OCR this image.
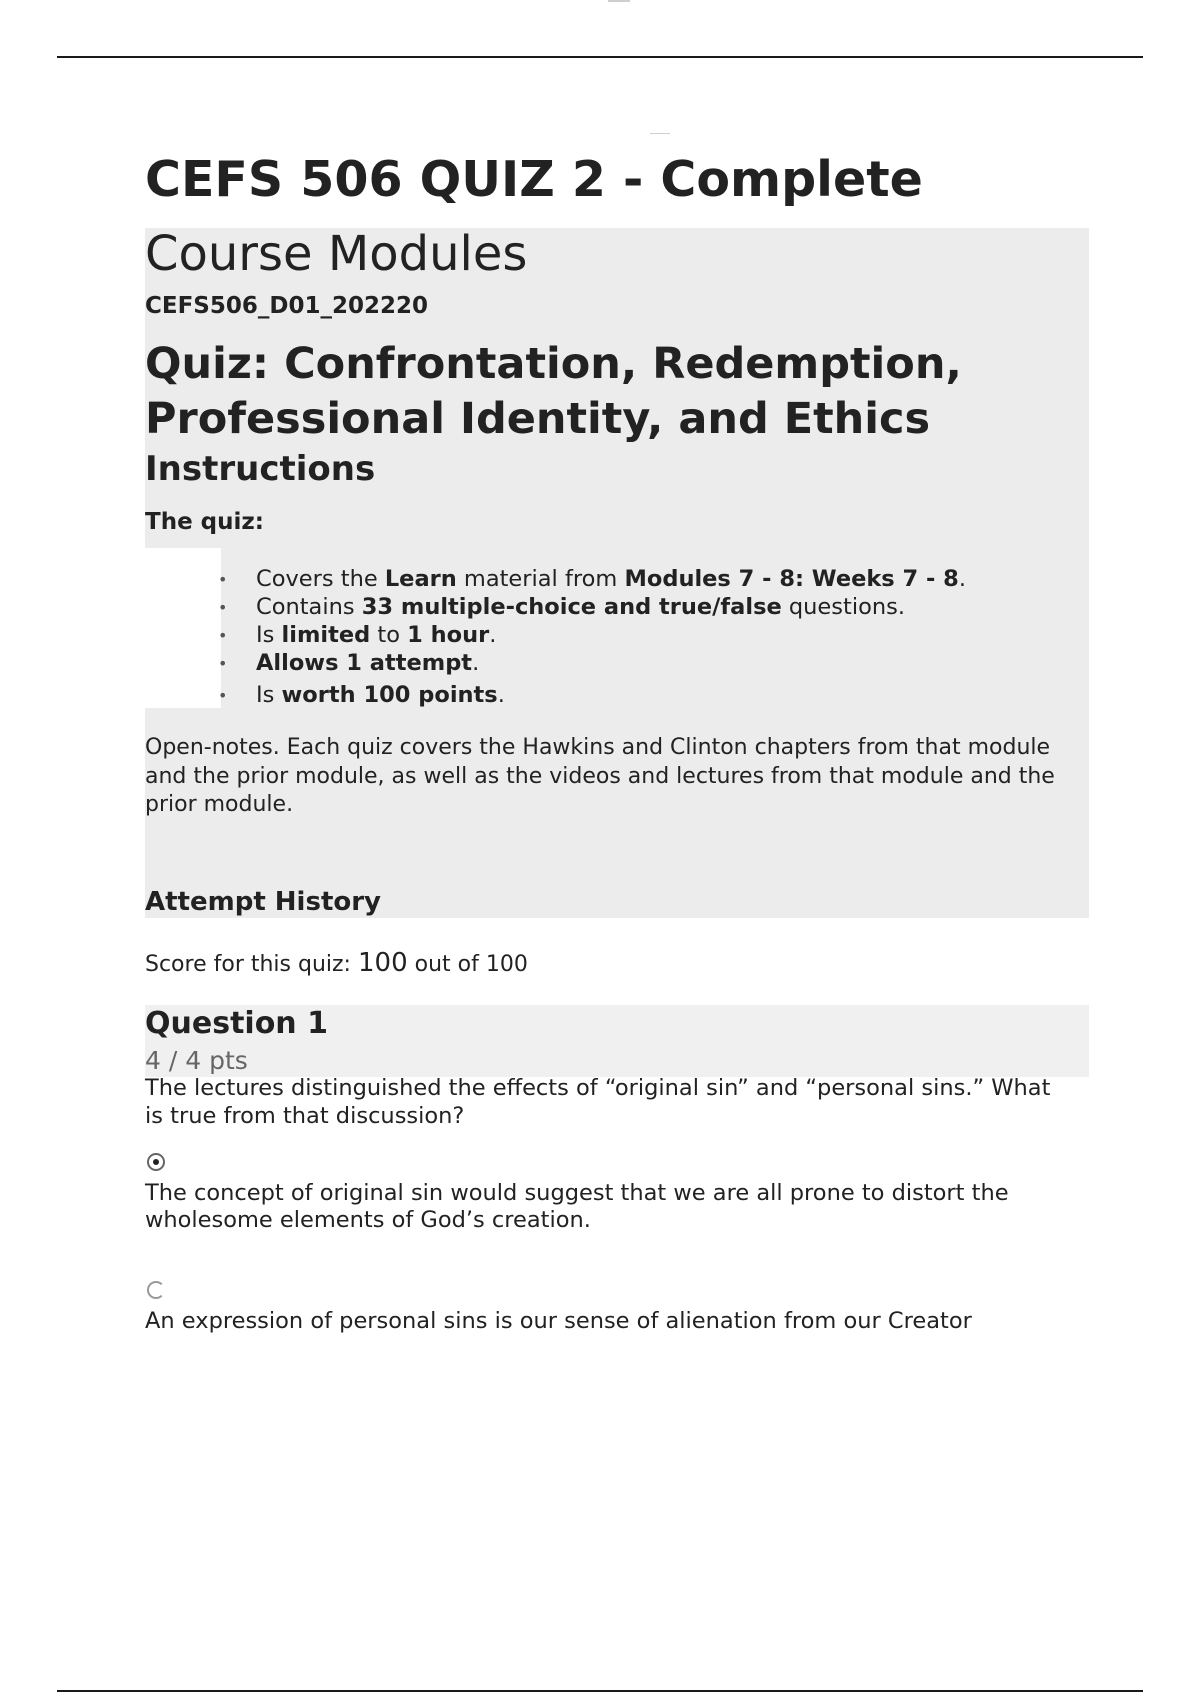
CEFS 506 QUIZ 2 - Complete
Course Modules
CEFS506_D01_202220
Quiz: Confrontation, Redemption, Professional Identity, and Ethics
Instructions
The quiz:
• Covers the Learn material from Modules 7 - 8: Weeks 7 - 8.
• Contains 33 multiple-choice and true/false questions.
• Is limited to 1 hour.
• Allows 1 attempt.
• Is worth 100 points.
Open-notes. Each quiz covers the Hawkins and Clinton chapters from that module and the prior module, as well as the videos and lectures from that module and the prior module.
Attempt History
Score for this quiz: 100 out of 100
Question 1
4 / 4 pts
The lectures distinguished the effects of “original sin” and “personal sins.” What is true from that discussion?
The concept of original sin would suggest that we are all prone to distort the wholesome elements of God’s creation.
An expression of personal sins is our sense of alienation from our Creator
